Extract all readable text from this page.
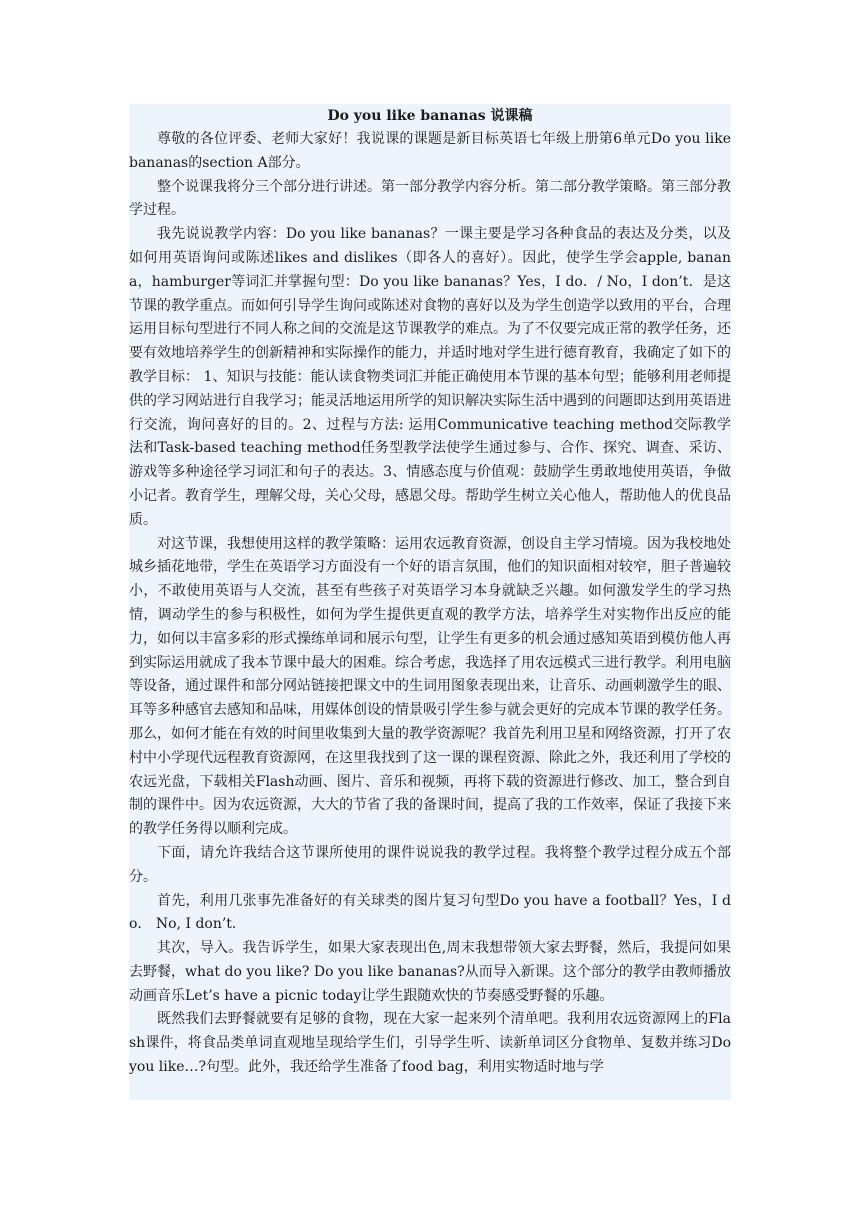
Do you like bananas 说课稿

尊敬的各位评委、老师大家好！我说课的课题是新目标英语七年级上册第6单元Do you like bananas的section A部分。

整个说课我将分三个部分进行讲述。第一部分教学内容分析。第二部分教学策略。第三部分教学过程。

我先说说教学内容：Do you like bananas？一课主要是学习各种食品的表达及分类，以及如何用英语询问或陈述likes and dislikes（即各人的喜好）。因此，使学生学会apple, banana，hamburger等词汇并掌握句型：Do you like bananas？Yes，I do．/ No，I don’t．是这节课的教学重点。而如何引导学生询问或陈述对食物的喜好以及为学生创造学以致用的平台，合理运用目标句型进行不同人称之间的交流是这节课教学的难点。为了不仅要完成正常的教学任务，还要有效地培养学生的创新精神和实际操作的能力，并适时地对学生进行德育教育，我确定了如下的教学目标： 1、知识与技能：能认读食物类词汇并能正确使用本节课的基本句型；能够利用老师提供的学习网站进行自我学习；能灵活地运用所学的知识解决实际生活中遇到的问题即达到用英语进行交流，询问喜好的目的。2、过程与方法: 运用Communicative teaching method交际教学法和Task-based teaching method任务型教学法使学生通过参与、合作、探究、调查、采访、游戏等多种途径学习词汇和句子的表达。3、情感态度与价值观：鼓励学生勇敢地使用英语，争做小记者。教育学生，理解父母，关心父母，感恩父母。帮助学生树立关心他人，帮助他人的优良品质。

对这节课，我想使用这样的教学策略：运用农远教育资源，创设自主学习情境。因为我校地处城乡插花地带，学生在英语学习方面没有一个好的语言氛围，他们的知识面相对较窄，胆子普遍较小，不敢使用英语与人交流，甚至有些孩子对英语学习本身就缺乏兴趣。如何激发学生的学习热情，调动学生的参与积极性，如何为学生提供更直观的教学方法，培养学生对实物作出反应的能力，如何以丰富多彩的形式操练单词和展示句型，让学生有更多的机会通过感知英语到模仿他人再到实际运用就成了我本节课中最大的困难。综合考虑，我选择了用农远模式三进行教学。利用电脑等设备，通过课件和部分网站链接把课文中的生词用图象表现出来，让音乐、动画刺激学生的眼、耳等多种感官去感知和品味，用媒体创设的情景吸引学生参与就会更好的完成本节课的教学任务。那么，如何才能在有效的时间里收集到大量的教学资源呢？我首先利用卫星和网络资源，打开了农村中小学现代远程教育资源网，在这里我找到了这一课的课程资源、除此之外，我还利用了学校的农远光盘，下载相关Flash动画、图片、音乐和视频，再将下载的资源进行修改、加工，整合到自制的课件中。因为农远资源，大大的节省了我的备课时间，提高了我的工作效率，保证了我接下来的教学任务得以顺利完成。

下面，请允许我结合这节课所使用的课件说说我的教学过程。我将整个教学过程分成五个部分。

首先，利用几张事先准备好的有关球类的图片复习句型Do you have a football？Yes，I do． No, I don’t.

其次，导入。我告诉学生，如果大家表现出色,周末我想带领大家去野餐，然后，我提问如果去野餐，what do you like? Do you like bananas?从而导入新课。这个部分的教学由教师播放动画音乐Let’s have a picnic today让学生跟随欢快的节奏感受野餐的乐趣。

既然我们去野餐就要有足够的食物，现在大家一起来列个清单吧。我利用农远资源网上的Flash课件，将食品类单词直观地呈现给学生们，引导学生听、读新单词区分食物单、复数并练习Do you like…?句型。此外，我还给学生准备了food bag，利用实物适时地与学
